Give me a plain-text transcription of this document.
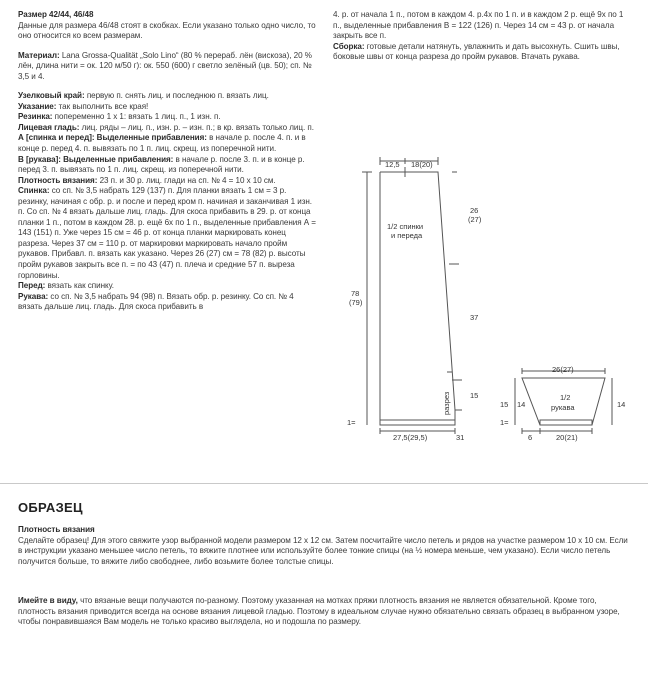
Размер 42/44, 46/48

Данные для размера 46/48 стоят в скобках. Если указано только одно число, то оно относится ко всем размерам.

Материал: Lana Grossa-Qualität „Solo Lino“ (80 % перераб. лён (вискоза), 20 % лён, длина нити = ок. 120 м/50 г): ок. 550 (600) г светло зелёный (цв. 50); сп. № 3,5 и 4.

Узелковый край: первую п. снять лиц. и последнюю п. вязать лиц.

Указание: так выполнить все края!

Резинка: попеременно 1 x 1: вязать 1 лиц. п., 1 изн. п.

Лицевая гладь: лиц. ряды – лиц. п., изн. р. – изн. п.; в кр. вязать только лиц. п.

А [спинка и перед]: Выделенные прибавления: в начале р. после 4. п. и в конце р. перед 4. п. вывязать по 1 п. лиц. скрещ. из поперечной нити.

В [рукава]: Выделенные прибавления: в начале р. после 3. п. и в конце р. перед 3. п. вывязать по 1 п. лиц. скрещ. из поперечной нити.

Плотность вязания: 23 п. и 30 р. лиц. глади на сп. № 4 = 10 x 10 см.

Спинка: со сп. № 3,5 набрать 129 (137) п. Для планки вязать 1 см = 3 р. резинку, начиная с обр. р. и после и перед кром п. начиная и заканчивая 1 изн. п. Со сп. № 4 вязать дальше лиц. гладь. Для скоса прибавить в 29. р. от конца планки 1 п., потом в каждом 28. р. ещё 6x по 1 п., выделенные прибавления А = 143 (151) п. Уже через 15 см = 46 р. от конца планки маркировать конец разреза. Через 37 см = 110 р. от маркировки маркировать начало пройм рукавов. Прибавл. п. вязать как указано. Через 26 (27) см = 78 (82) р. высоты пройм рукавов закрыть все п. = по 43 (47) п. плеча и средние 57 п. выреза горловины.

Перед: вязать как спинку.

Рукава: со сп. № 3,5 набрать 94 (98) п. Вязать обр. р. резинку. Со сп. № 4 вязать дальше лиц. гладь. Для скоса прибавить в

4. р. от начала 1 п., потом в каждом 4. р.4x по 1 п. и в каждом 2 р. ещё 9x по 1 п., выделенные прибавления В = 122 (126) п. Через 14 см = 43 р. от начала закрыть все п.

Сборка: готовые детали натянуть, увлажнить и дать высохнуть. Сшить швы, боковые швы от конца разреза до пройм рукавов. Втачать рукава.

12,5 18(20)
1/2 спинки
и переда
26
(27)
78
(79)
37
15
разрез
1=
27,5(29,5)	31
26(27)
1/2
рукава
14	14
15
1=
6	20(21)
ОБРАЗЕЦ

Плотность вязания

Сделайте образец! Для этого свяжите узор выбранной модели размером 12 x 12 см. Затем посчитайте число петель и рядов на участке размером 10 x 10 см. Если в инструкции указано меньшее число петель, то вяжите плотнее или используйте более тонкие спицы (на ½ номера меньше, чем указано). Если число петель получится больше, то вяжите либо свободнее, либо возьмите более толстые спицы.

Имейте в виду, что вязаные вещи получаются по-разному. Поэтому указанная на мотках пряжи плотность вязания не является обязательной. Кроме того, плотность вязания приводится всегда на основе вязания лицевой гладью. Поэтому в идеальном случае нужно обязательно связать образец в выбранном узоре, чтобы понравившаяся Вам модель не только красиво выглядела, но и подошла по размеру.
